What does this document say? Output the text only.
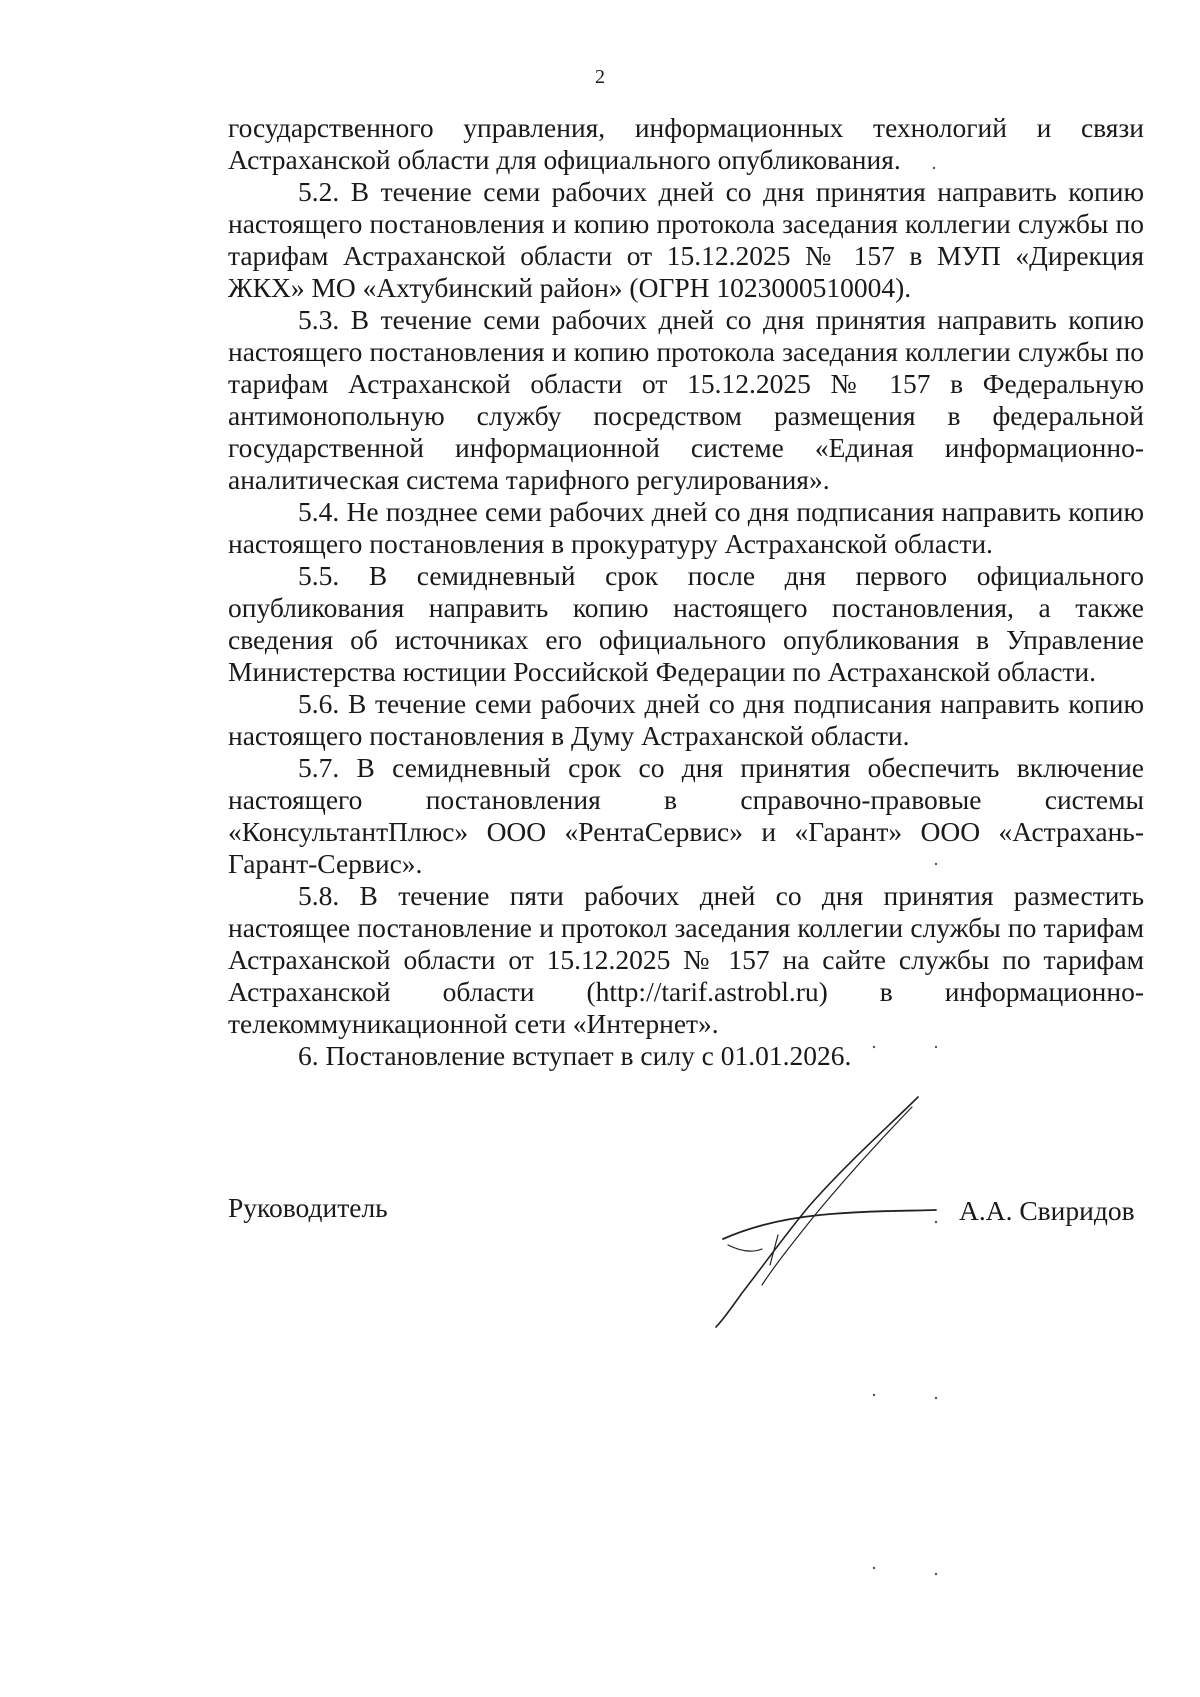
2

государственного управления, информационных технологий и связи Астраханской области для официального опубликования.

5.2. В течение семи рабочих дней со дня принятия направить копию настоящего постановления и копию протокола заседания коллегии службы по тарифам Астраханской области от 15.12.2025 № 157 в МУП «Дирекция ЖКХ» МО «Ахтубинский район» (ОГРН 1023000510004).

5.3. В течение семи рабочих дней со дня принятия направить копию настоящего постановления и копию протокола заседания коллегии службы по тарифам Астраханской области от 15.12.2025 № 157 в Федеральную антимонопольную службу посредством размещения в федеральной государственной информационной системе «Единая информационно-аналитическая система тарифного регулирования».

5.4. Не позднее семи рабочих дней со дня подписания направить копию настоящего постановления в прокуратуру Астраханской области.

5.5. В семидневный срок после дня первого официального опубликования направить копию настоящего постановления, а также сведения об источниках его официального опубликования в Управление Министерства юстиции Российской Федерации по Астраханской области.

5.6. В течение семи рабочих дней со дня подписания направить копию настоящего постановления в Думу Астраханской области.

5.7. В семидневный срок со дня принятия обеспечить включение настоящего постановления в справочно-правовые системы «КонсультантПлюс» ООО «РентаСервис» и «Гарант» ООО «Астрахань-Гарант-Сервис».

5.8. В течение пяти рабочих дней со дня принятия разместить настоящее постановление и протокол заседания коллегии службы по тарифам Астраханской области от 15.12.2025 № 157 на сайте службы по тарифам Астраханской области (http://tarif.astrobl.ru) в информационно-телекоммуникационной сети «Интернет».

6. Постановление вступает в силу с 01.01.2026.

Руководитель	А.А. Свиридов
